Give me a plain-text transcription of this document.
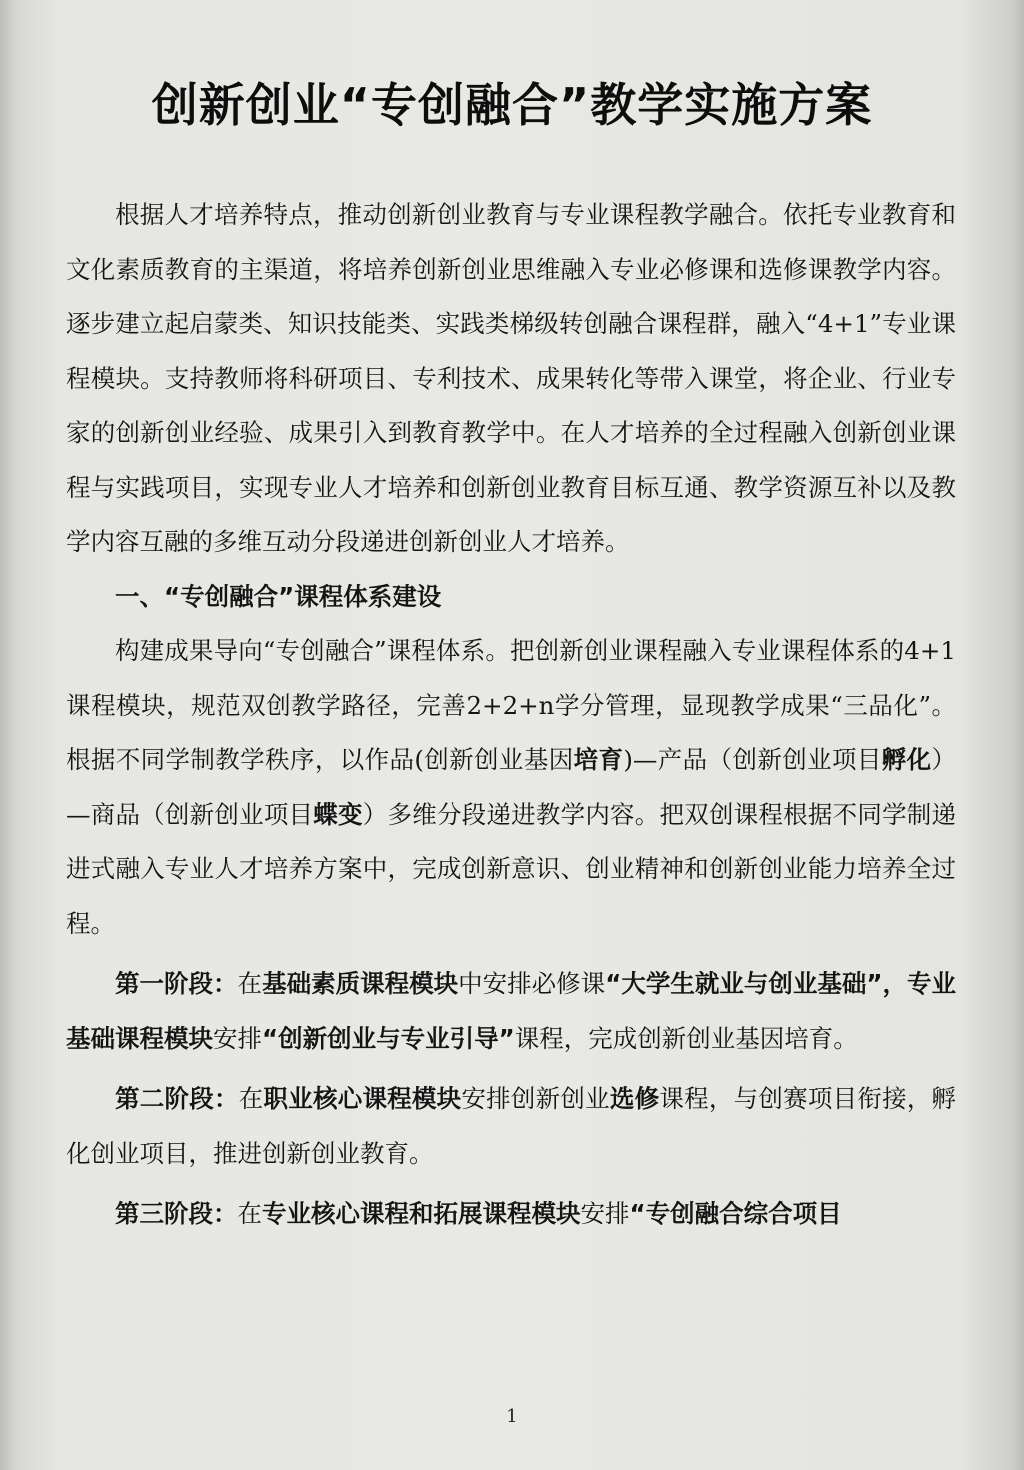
创新创业“专创融合”教学实施方案

根据人才培养特点，推动创新创业教育与专业课程教学融合。依托专业教育和文化素质教育的主渠道，将培养创新创业思维融入专业必修课和选修课教学内容。逐步建立起启蒙类、知识技能类、实践类梯级转创融合课程群，融入“4+1”专业课程模块。支持教师将科研项目、专利技术、成果转化等带入课堂，将企业、行业专家的创新创业经验、成果引入到教育教学中。在人才培养的全过程融入创新创业课程与实践项目，实现专业人才培养和创新创业教育目标互通、教学资源互补以及教学内容互融的多维互动分段递进创新创业人才培养。

一、“专创融合”课程体系建设

构建成果导向“专创融合”课程体系。把创新创业课程融入专业课程体系的4+1课程模块，规范双创教学路径，完善2+2+n学分管理，显现教学成果“三品化”。根据不同学制教学秩序，以作品(创新创业基因培育)—产品（创新创业项目孵化）—商品（创新创业项目蝶变）多维分段递进教学内容。把双创课程根据不同学制递进式融入专业人才培养方案中，完成创新意识、创业精神和创新创业能力培养全过程。

第一阶段：在基础素质课程模块中安排必修课“大学生就业与创业基础”，专业基础课程模块安排“创新创业与专业引导”课程，完成创新创业基因培育。

第二阶段：在职业核心课程模块安排创新创业选修课程，与创赛项目衔接，孵化创业项目，推进创新创业教育。

第三阶段：在专业核心课程和拓展课程模块安排“专创融合综合项目

1
